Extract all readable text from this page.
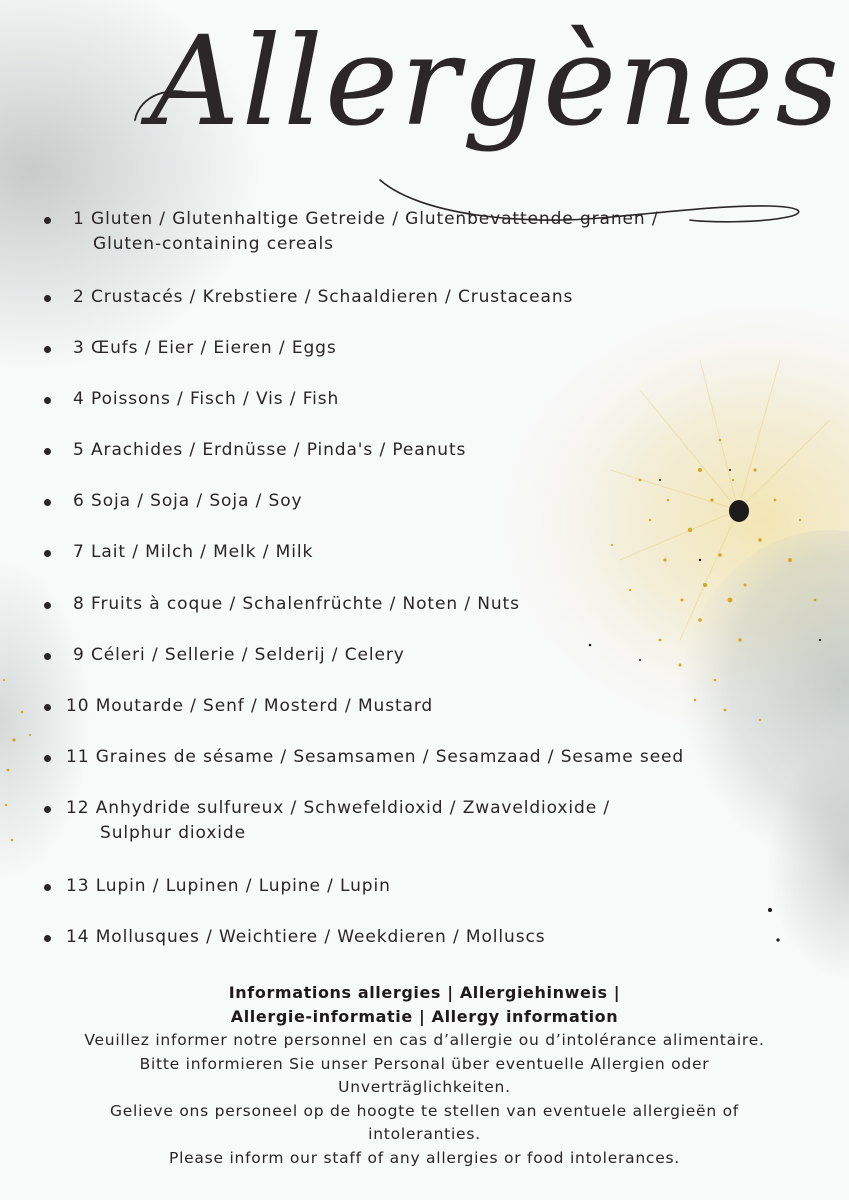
Allergènes
1 Gluten / Glutenhaltige Getreide / Glutenbevattende granen /
Gluten-containing cereals
2 Crustacés / Krebstiere / Schaaldieren / Crustaceans
3 Œufs / Eier / Eieren / Eggs
4 Poissons / Fisch / Vis / Fish
5 Arachides / Erdnüsse / Pinda's / Peanuts
6 Soja / Soja / Soja / Soy
7 Lait / Milch / Melk / Milk
8 Fruits à coque / Schalenfrüchte / Noten / Nuts
9 Céleri / Sellerie / Selderij / Celery
10 Moutarde / Senf / Mosterd / Mustard
11 Graines de sésame / Sesamsamen / Sesamzaad / Sesame seed
12 Anhydride sulfureux / Schwefeldioxid / Zwaveldioxide /
Sulphur dioxide
13 Lupin / Lupinen / Lupine / Lupin
14 Mollusques / Weichtiere / Weekdieren / Molluscs

Informations allergies | Allergiehinweis |

Allergie-informatie | Allergy information

Veuillez informer notre personnel en cas d’allergie ou d’intolérance alimentaire.

Bitte informieren Sie unser Personal über eventuelle Allergien oder

Unverträglichkeiten.

Gelieve ons personeel op de hoogte te stellen van eventuele allergieën of

intoleranties.

Please inform our staff of any allergies or food intolerances.
